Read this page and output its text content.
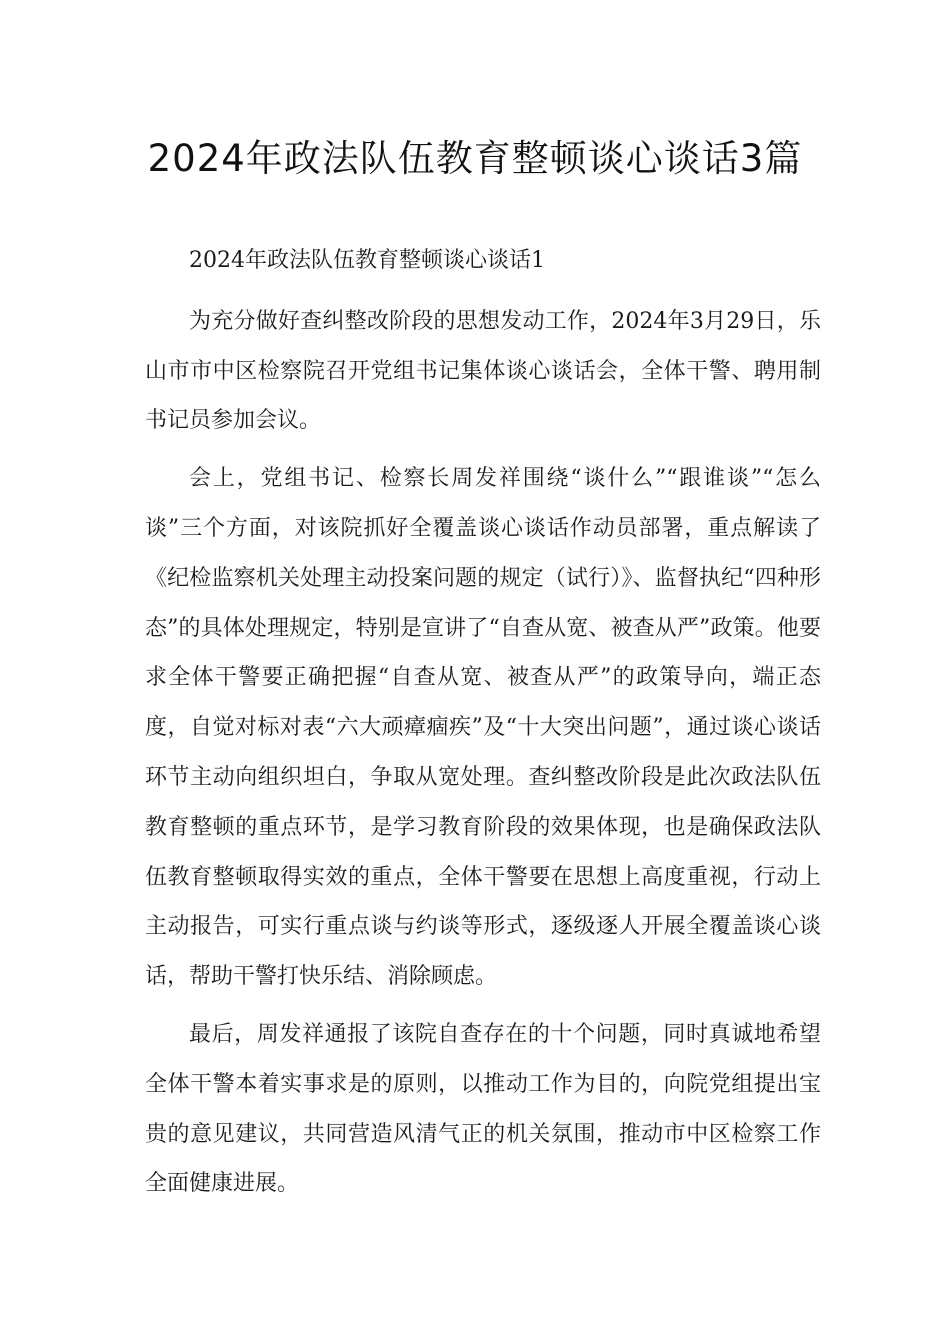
2024年政法队伍教育整顿谈心谈话3篇

2024年政法队伍教育整顿谈心谈话1

为充分做好查纠整改阶段的思想发动工作，2024年3月29日，乐山市市中区检察院召开党组书记集体谈心谈话会，全体干警、聘用制书记员参加会议。

会上，党组书记、检察长周发祥围绕“谈什么”“跟谁谈”“怎么谈”三个方面，对该院抓好全覆盖谈心谈话作动员部署，重点解读了《纪检监察机关处理主动投案问题的规定（试行）》、监督执纪“四种形态”的具体处理规定，特别是宣讲了“自查从宽、被查从严”政策。他要求全体干警要正确把握“自查从宽、被查从严”的政策导向，端正态度，自觉对标对表“六大顽瘴痼疾”及“十大突出问题”，通过谈心谈话环节主动向组织坦白，争取从宽处理。查纠整改阶段是此次政法队伍教育整顿的重点环节，是学习教育阶段的效果体现，也是确保政法队伍教育整顿取得实效的重点，全体干警要在思想上高度重视，行动上主动报告，可实行重点谈与约谈等形式，逐级逐人开展全覆盖谈心谈话，帮助干警打快乐结、消除顾虑。

最后，周发祥通报了该院自查存在的十个问题，同时真诚地希望全体干警本着实事求是的原则，以推动工作为目的，向院党组提出宝贵的意见建议，共同营造风清气正的机关氛围，推动市中区检察工作全面健康进展。
